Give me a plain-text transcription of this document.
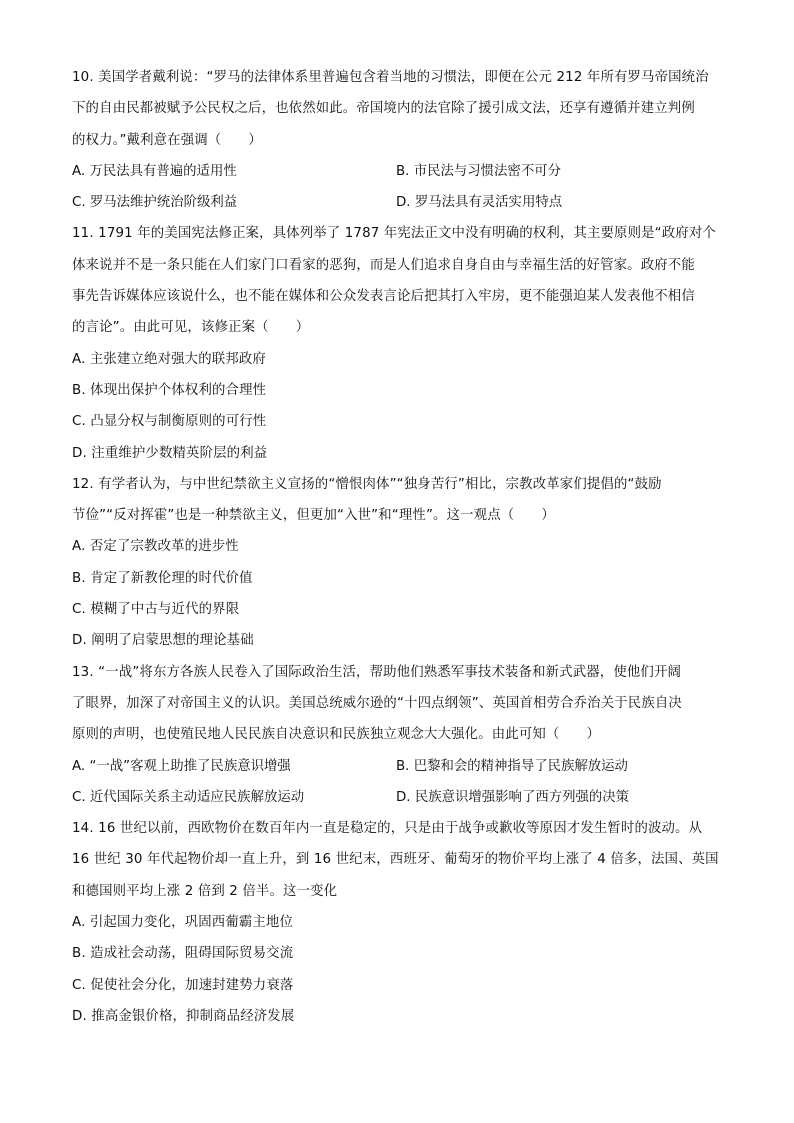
10. 美国学者戴利说：“罗马的法律体系里普遍包含着当地的习惯法，即便在公元 212 年所有罗马帝国统治
下的自由民都被赋予公民权之后，也依然如此。帝国境内的法官除了援引成文法，还享有遵循并建立判例
的权力。”戴利意在强调（　　）
A. 万民法具有普遍的适用性	B. 市民法与习惯法密不可分
C. 罗马法维护统治阶级利益	D. 罗马法具有灵活实用特点
11. 1791 年的美国宪法修正案，具体列举了 1787 年宪法正文中没有明确的权利，其主要原则是“政府对个
体来说并不是一条只能在人们家门口看家的恶狗，而是人们追求自身自由与幸福生活的好管家。政府不能
事先告诉媒体应该说什么，也不能在媒体和公众发表言论后把其打入牢房，更不能强迫某人发表他不相信
的言论”。由此可见，该修正案（　　）
A. 主张建立绝对强大的联邦政府
B. 体现出保护个体权利的合理性
C. 凸显分权与制衡原则的可行性
D. 注重维护少数精英阶层的利益
12. 有学者认为，与中世纪禁欲主义宣扬的“憎恨肉体”“独身苦行”相比，宗教改革家们提倡的“鼓励
节俭”“反对挥霍”也是一种禁欲主义，但更加“入世”和“理性”。这一观点（　　）
A. 否定了宗教改革的进步性
B. 肯定了新教伦理的时代价值
C. 模糊了中古与近代的界限
D. 阐明了启蒙思想的理论基础
13. “一战”将东方各族人民卷入了国际政治生活，帮助他们熟悉军事技术装备和新式武器，使他们开阔
了眼界，加深了对帝国主义的认识。美国总统威尔逊的“十四点纲领”、英国首相劳合乔治关于民族自决
原则的声明，也使殖民地人民民族自决意识和民族独立观念大大强化。由此可知（　　）
A. “一战”客观上助推了民族意识增强	B. 巴黎和会的精神指导了民族解放运动
C. 近代国际关系主动适应民族解放运动	D. 民族意识增强影响了西方列强的决策
14. 16 世纪以前，西欧物价在数百年内一直是稳定的，只是由于战争或歉收等原因才发生暂时的波动。从
16 世纪 30 年代起物价却一直上升，到 16 世纪末，西班牙、葡萄牙的物价平均上涨了 4 倍多，法国、英国
和德国则平均上涨 2 倍到 2 倍半。这一变化
A. 引起国力变化，巩固西葡霸主地位
B. 造成社会动荡，阻碍国际贸易交流
C. 促使社会分化，加速封建势力衰落
D. 推高金银价格，抑制商品经济发展
